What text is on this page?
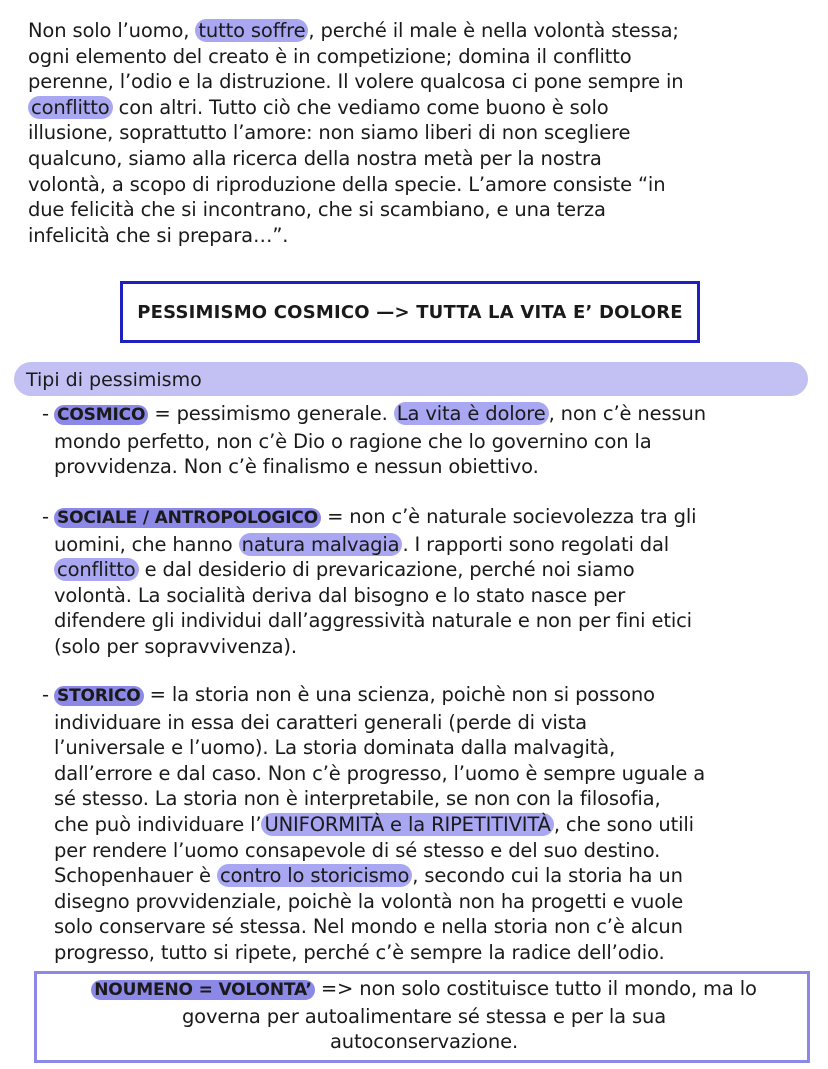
Non solo l’uomo, tutto soffre , perché il male è nella volontà stessa;
ogni elemento del creato è in competizione; domina il conflitto
perenne, l’odio e la distruzione. Il volere qualcosa ci pone sempre in
conflitto con altri. Tutto ciò che vediamo come buono è solo
illusione, soprattutto l’amore: non siamo liberi di non scegliere
qualcuno, siamo alla ricerca della nostra metà per la nostra
volontà, a scopo di riproduzione della specie. L’amore consiste “in
due felicità che si incontrano, che si scambiano, e una terza
infelicità che si prepara…”.
PESSIMISMO COSMICO —> TUTTA LA VITA E’ DOLORE
Tipi di pessimismo
- COSMICO = pessimismo generale. La vita è dolore , non c’è nessun
mondo perfetto, non c’è Dio o ragione che lo governino con la
provvidenza. Non c’è finalismo e nessun obiettivo.
- SOCIALE / ANTROPOLOGICO = non c’è naturale socievolezza tra gli
uomini, che hanno natura malvagia . I rapporti sono regolati dal
conflitto e dal desiderio di prevaricazione, perché noi siamo
volontà. La socialità deriva dal bisogno e lo stato nasce per
difendere gli individui dall’aggressività naturale e non per fini etici
(solo per sopravvivenza).
- STORICO = la storia non è una scienza, poichè non si possono
individuare in essa dei caratteri generali (perde di vista
l’universale e l’uomo). La storia dominata dalla malvagità,
dall’errore e dal caso. Non c’è progresso, l’uomo è sempre uguale a
sé stesso. La storia non è interpretabile, se non con la filosofia,
che può individuare l’ UNIFORMITÀ e la RIPETITIVITÀ , che sono utili
per rendere l’uomo consapevole di sé stesso e del suo destino.
Schopenhauer è contro lo storicismo , secondo cui la storia ha un
disegno provvidenziale, poichè la volontà non ha progetti e vuole
solo conservare sé stessa. Nel mondo e nella storia non c’è alcun
progresso, tutto si ripete, perché c’è sempre la radice dell’odio.
NOUMENO = VOLONTA’ => non solo costituisce tutto il mondo, ma lo
governa per autoalimentare sé stessa e per la sua
autoconservazione.
